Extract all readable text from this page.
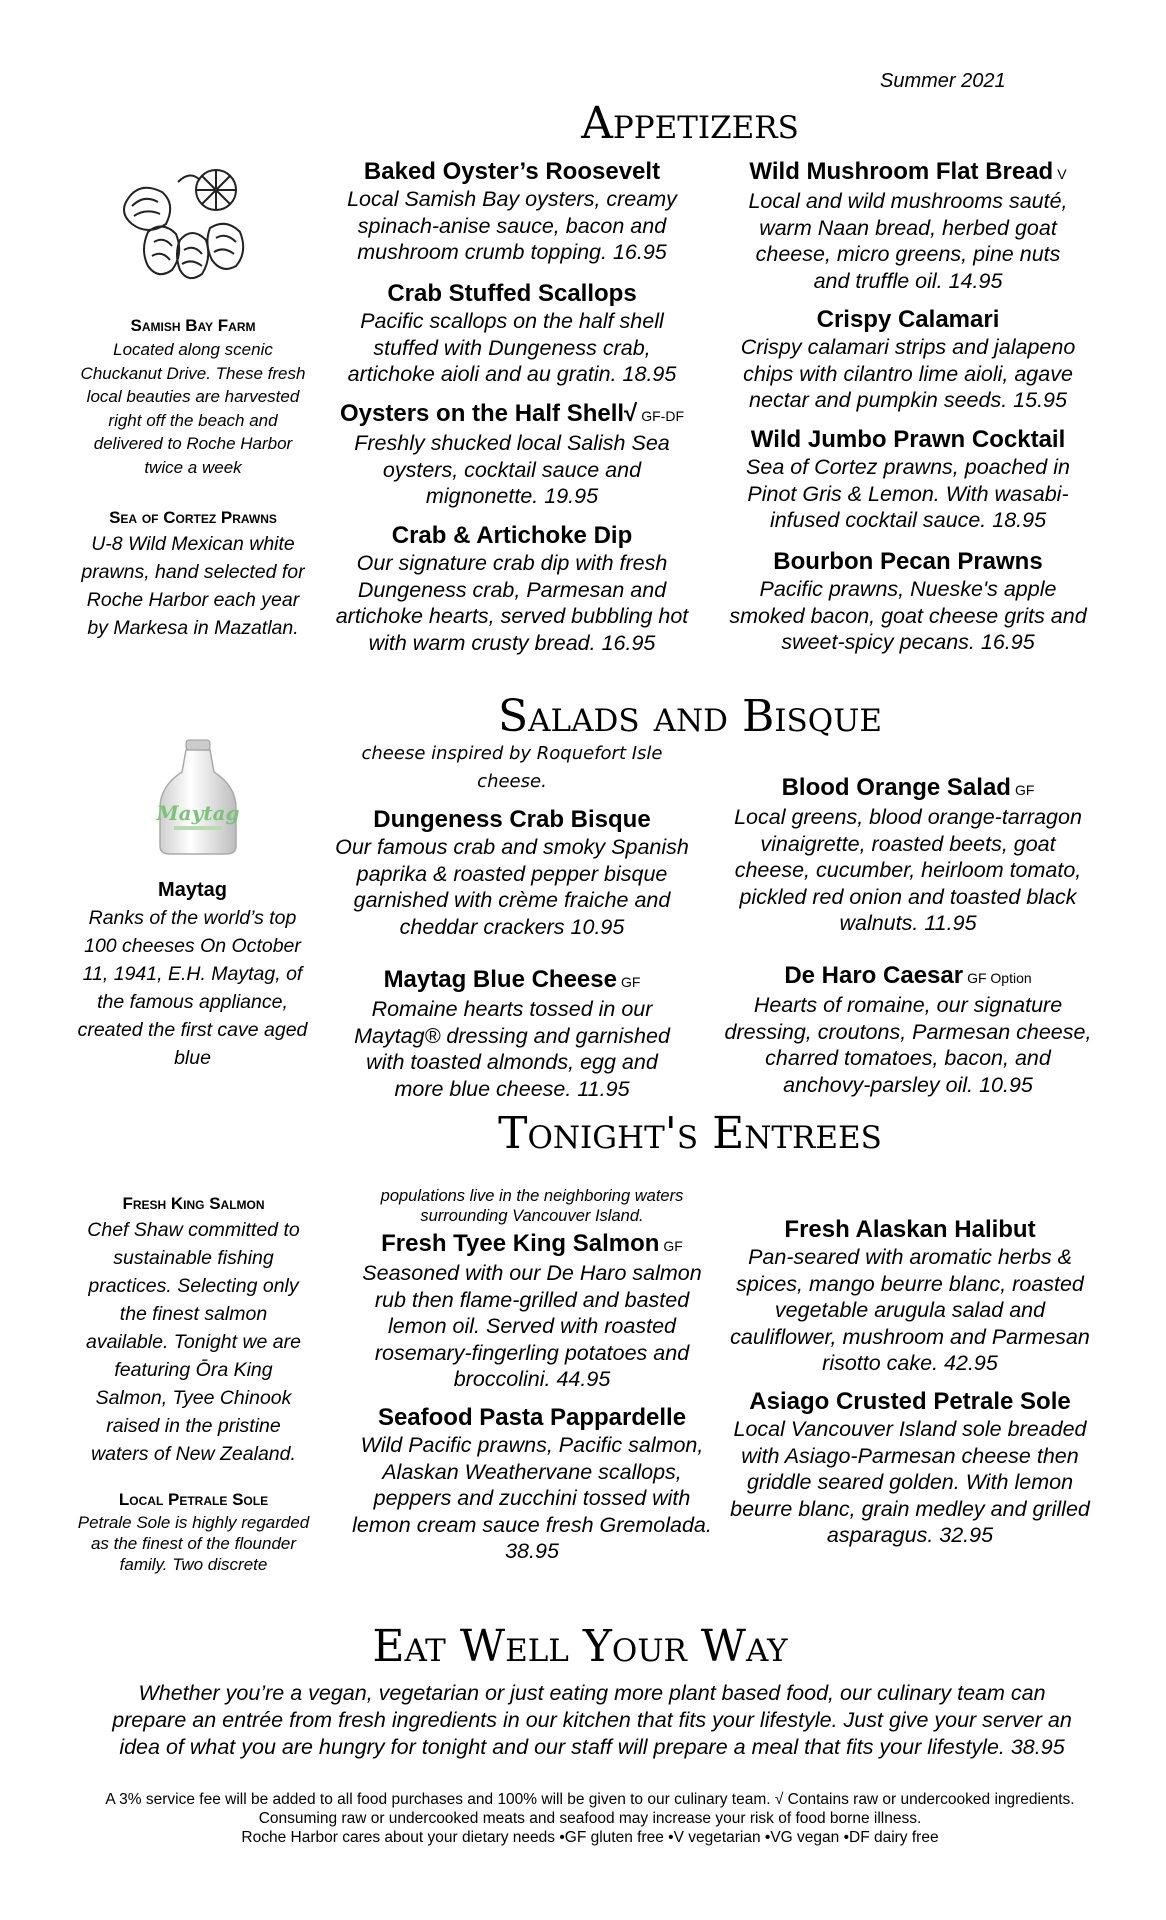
Summer 2021
Appetizers
Salads and Bisque
Tonight's Entrees
Eat Well Your Way
Samish Bay Farm
Located along scenic Chuckanut Drive. These fresh local beauties are harvested right off the beach and delivered to Roche Harbor twice a week
Sea of Cortez Prawns
U-8 Wild Mexican white prawns, hand selected for Roche Harbor each year by Markesa in Mazatlan.
Maytag
Maytag
Ranks of the world’s top 100 cheeses On October 11, 1941, E.H. Maytag, of the famous appliance, created the first cave aged blue
Fresh King Salmon
Chef Shaw committed to sustainable fishing practices. Selecting only the finest salmon available. Tonight we are featuring Ōra King Salmon, Tyee Chinook raised in the pristine waters of New Zealand.
Local Petrale Sole
Petrale Sole is highly regarded as the finest of the flounder family. Two discrete
Baked Oyster’s Roosevelt
Local Samish Bay oysters, creamy spinach-anise sauce, bacon and mushroom crumb topping. 16.95
Crab Stuffed Scallops
Pacific scallops on the half shell stuffed with Dungeness crab, artichoke aioli and au gratin. 18.95
Oysters on the Half Shell√ GF-DF
Freshly shucked local Salish Sea oysters, cocktail sauce and mignonette. 19.95
Crab & Artichoke Dip
Our signature crab dip with fresh Dungeness crab, Parmesan and artichoke hearts, served bubbling hot with warm crusty bread. 16.95
Wild Mushroom Flat Bread V
Local and wild mushrooms sauté, warm Naan bread, herbed goat cheese, micro greens, pine nuts and truffle oil. 14.95
Crispy Calamari
Crispy calamari strips and jalapeno chips with cilantro lime aioli, agave nectar and pumpkin seeds. 15.95
Wild Jumbo Prawn Cocktail
Sea of Cortez prawns, poached in Pinot Gris & Lemon. With wasabi-infused cocktail sauce. 18.95
Bourbon Pecan Prawns
Pacific prawns, Nueske's apple smoked bacon, goat cheese grits and sweet-spicy pecans. 16.95
cheese inspired by Roquefort Isle cheese.
Dungeness Crab Bisque
Our famous crab and smoky Spanish paprika & roasted pepper bisque garnished with crème fraiche and cheddar crackers 10.95
Maytag Blue Cheese GF
Romaine hearts tossed in our Maytag® dressing and garnished with toasted almonds, egg and more blue cheese. 11.95
Blood Orange Salad GF
Local greens, blood orange-tarragon vinaigrette, roasted beets, goat cheese, cucumber, heirloom tomato, pickled red onion and toasted black walnuts. 11.95
De Haro Caesar GF Option
Hearts of romaine, our signature dressing, croutons, Parmesan cheese, charred tomatoes, bacon, and anchovy-parsley oil. 10.95
populations live in the neighboring waters surrounding Vancouver Island.
Fresh Tyee King Salmon GF
Seasoned with our De Haro salmon rub then flame-grilled and basted lemon oil. Served with roasted rosemary-fingerling potatoes and broccolini. 44.95
Seafood Pasta Pappardelle
Wild Pacific prawns, Pacific salmon, Alaskan Weathervane scallops, peppers and zucchini tossed with lemon cream sauce fresh Gremolada. 38.95
Fresh Alaskan Halibut
Pan-seared with aromatic herbs & spices, mango beurre blanc, roasted vegetable arugula salad and cauliflower, mushroom and Parmesan risotto cake. 42.95
Asiago Crusted Petrale Sole
Local Vancouver Island sole breaded with Asiago-Parmesan cheese then griddle seared golden. With lemon beurre blanc, grain medley and grilled asparagus. 32.95
Whether you’re a vegan, vegetarian or just eating more plant based food, our culinary team can prepare an entrée from fresh ingredients in our kitchen that fits your lifestyle. Just give your server an idea of what you are hungry for tonight and our staff will prepare a meal that fits your lifestyle. 38.95
A 3% service fee will be added to all food purchases and 100% will be given to our culinary team. √ Contains raw or undercooked ingredients. Consuming raw or undercooked meats and seafood may increase your risk of food borne illness.
Roche Harbor cares about your dietary needs •GF gluten free •V vegetarian •VG vegan •DF dairy free
